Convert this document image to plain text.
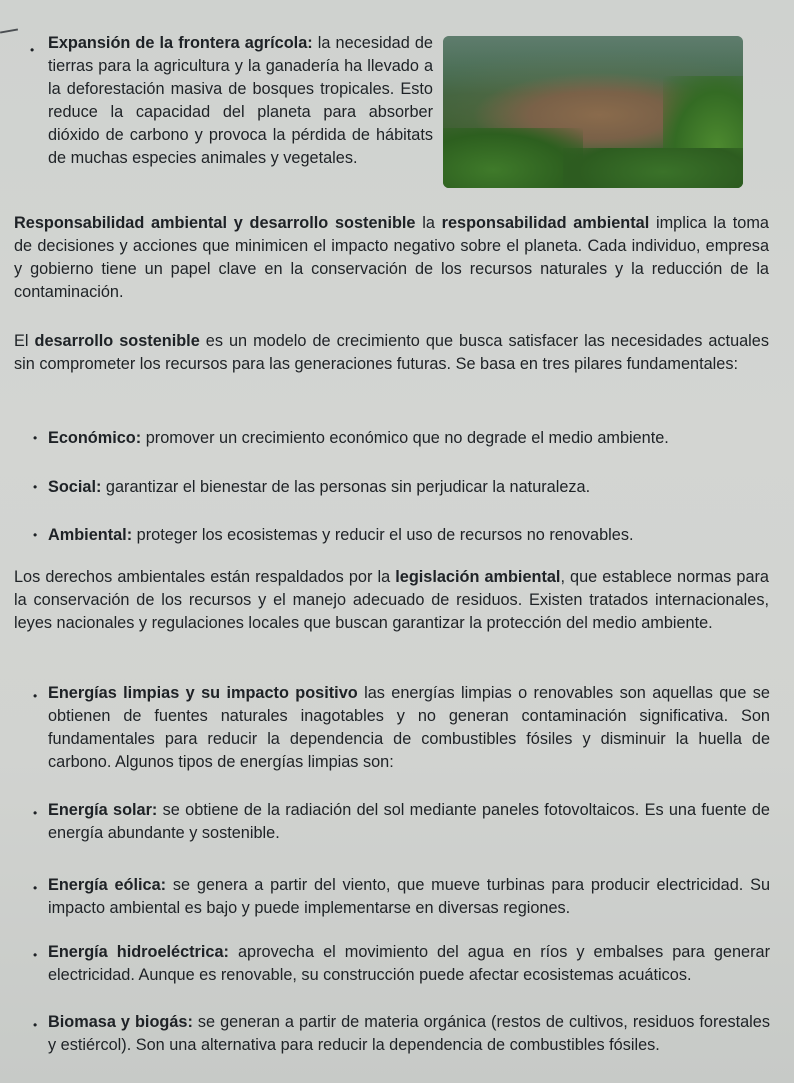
• Expansión de la frontera agrícola: la necesidad de tierras para la agricultura y la ganadería ha llevado a la deforestación masiva de bosques tropicales. Esto reduce la capacidad del planeta para absorber dióxido de carbono y provoca la pérdida de hábitats de muchas especies animales y vegetales.
Responsabilidad ambiental y desarrollo sostenible la responsabilidad ambiental implica la toma de decisiones y acciones que minimicen el impacto negativo sobre el planeta. Cada individuo, empresa y gobierno tiene un papel clave en la conservación de los recursos naturales y la reducción de la contaminación.
El desarrollo sostenible es un modelo de crecimiento que busca satisfacer las necesidades actuales sin comprometer los recursos para las generaciones futuras. Se basa en tres pilares fundamentales:
• Económico: promover un crecimiento económico que no degrade el medio ambiente.
• Social: garantizar el bienestar de las personas sin perjudicar la naturaleza.
• Ambiental: proteger los ecosistemas y reducir el uso de recursos no renovables.
Los derechos ambientales están respaldados por la legislación ambiental, que establece normas para la conservación de los recursos y el manejo adecuado de residuos. Existen tratados internacionales, leyes nacionales y regulaciones locales que buscan garantizar la protección del medio ambiente.
• Energías limpias y su impacto positivo las energías limpias o renovables son aquellas que se obtienen de fuentes naturales inagotables y no generan contaminación significativa. Son fundamentales para reducir la dependencia de combustibles fósiles y disminuir la huella de carbono. Algunos tipos de energías limpias son:
• Energía solar: se obtiene de la radiación del sol mediante paneles fotovoltaicos. Es una fuente de energía abundante y sostenible.
• Energía eólica: se genera a partir del viento, que mueve turbinas para producir electricidad. Su impacto ambiental es bajo y puede implementarse en diversas regiones.
• Energía hidroeléctrica: aprovecha el movimiento del agua en ríos y embalses para generar electricidad. Aunque es renovable, su construcción puede afectar ecosistemas acuáticos.
• Biomasa y biogás: se generan a partir de materia orgánica (restos de cultivos, residuos forestales y estiércol). Son una alternativa para reducir la dependencia de combustibles fósiles.
